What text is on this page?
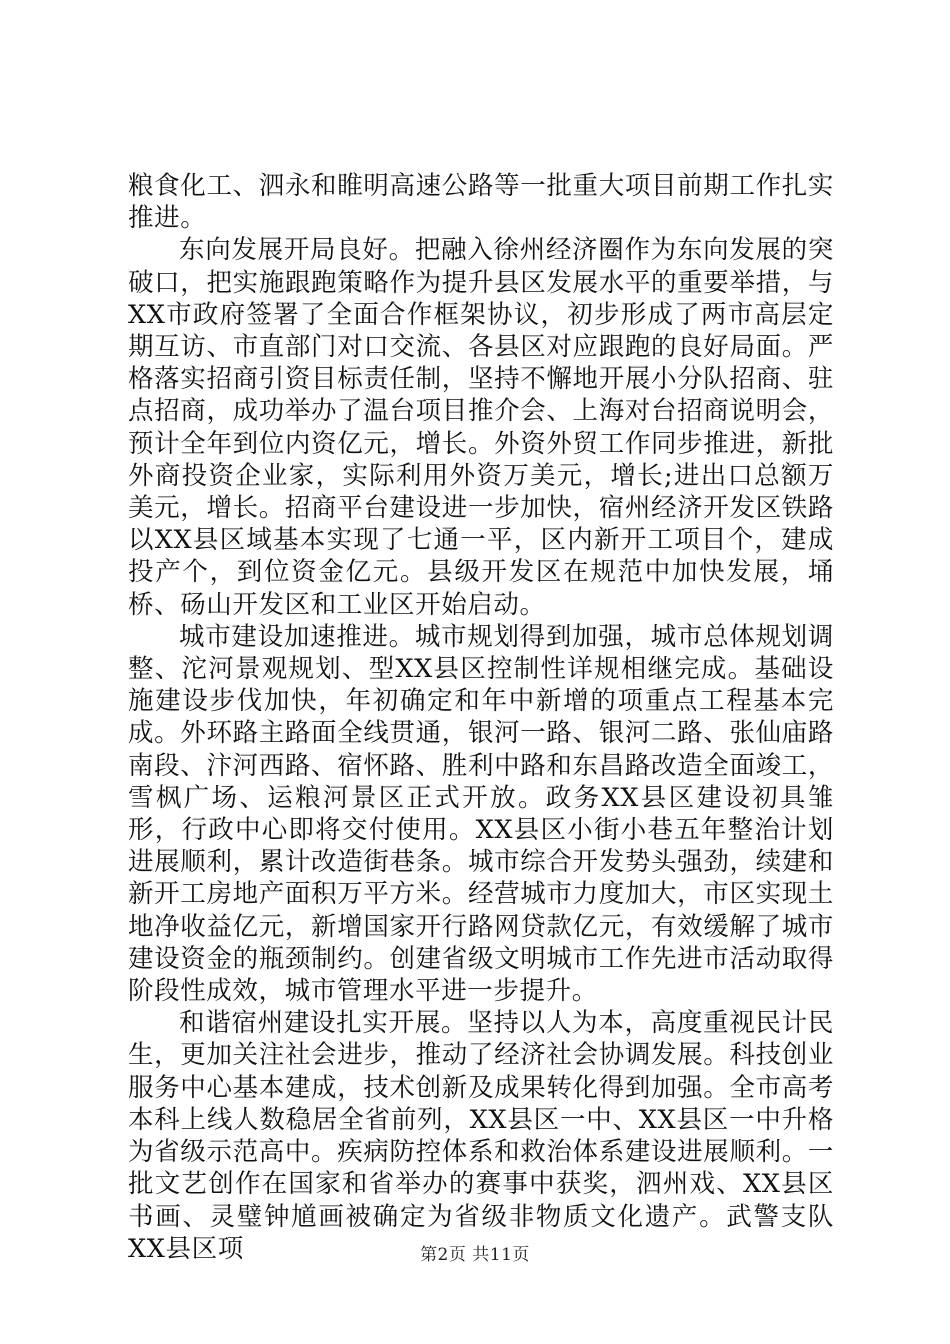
粮食化工、泗永和睢明高速公路等一批重大项目前期工作扎实推进。

东向发展开局良好。把融入徐州经济圈作为东向发展的突破口，把实施跟跑策略作为提升县区发展水平的重要举措，与XX市政府签署了全面合作框架协议，初步形成了两市高层定期互访、市直部门对口交流、各县区对应跟跑的良好局面。严格落实招商引资目标责任制，坚持不懈地开展小分队招商、驻点招商，成功举办了温台项目推介会、上海对台招商说明会，预计全年到位内资亿元，增长。外资外贸工作同步推进，新批外商投资企业家，实际利用外资万美元，增长;进出口总额万美元，增长。招商平台建设进一步加快，宿州经济开发区铁路以XX县区域基本实现了七通一平，区内新开工项目个，建成投产个，到位资金亿元。县级开发区在规范中加快发展，埇桥、砀山开发区和工业区开始启动。

城市建设加速推进。城市规划得到加强，城市总体规划调整、沱河景观规划、型XX县区控制性详规相继完成。基础设施建设步伐加快，年初确定和年中新增的项重点工程基本完成。外环路主路面全线贯通，银河一路、银河二路、张仙庙路南段、汴河西路、宿怀路、胜利中路和东昌路改造全面竣工，雪枫广场、运粮河景区正式开放。政务XX县区建设初具雏形，行政中心即将交付使用。XX县区小街小巷五年整治计划进展顺利，累计改造街巷条。城市综合开发势头强劲，续建和新开工房地产面积万平方米。经营城市力度加大，市区实现土地净收益亿元，新增国家开行路网贷款亿元，有效缓解了城市建设资金的瓶颈制约。创建省级文明城市工作先进市活动取得阶段性成效，城市管理水平进一步提升。

和谐宿州建设扎实开展。坚持以人为本，高度重视民计民生，更加关注社会进步，推动了经济社会协调发展。科技创业服务中心基本建成，技术创新及成果转化得到加强。全市高考本科上线人数稳居全省前列，XX县区一中、XX县区一中升格为省级示范高中。疾病防控体系和救治体系建设进展顺利。一批文艺创作在国家和省举办的赛事中获奖，泗州戏、XX县区书画、灵璧钟馗画被确定为省级非物质文化遗产。武警支队XX县区项	第2页 共11页
